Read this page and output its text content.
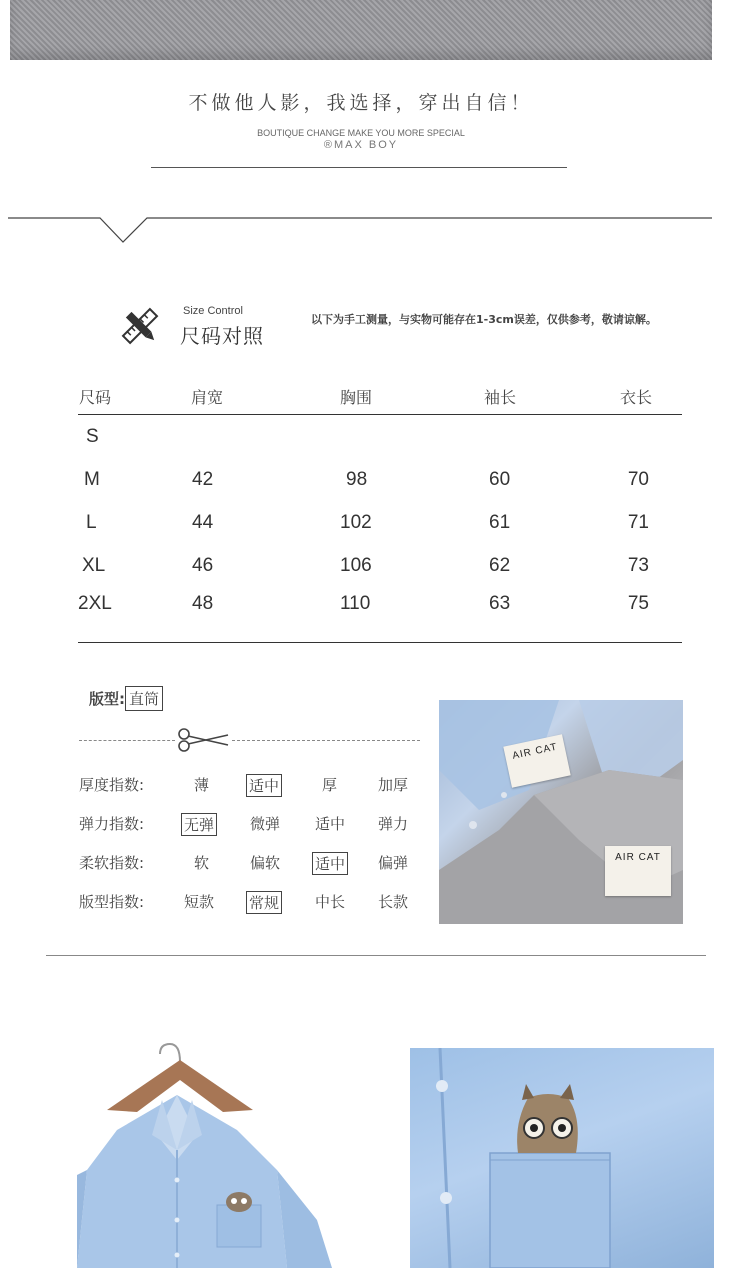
不做他人影，我选择，穿出自信！
BOUTIQUE CHANGE MAKE YOU MORE SPECIAL
®MAX BOY
Size Control
尺码对照
以下为手工测量，与实物可能存在1-3cm误差，仅供参考，敬请谅解。
尺码	肩宽	胸围	袖长	衣长
S				
M	42	98	60	70
L	44	102	61	71
XL	46	106	62	73
2XL	48	110	63	75
版型: 直筒
厚度指数:	薄	适中	厚	加厚
弹力指数:	无弹 微弹 适中 弹力
柔软指数:	软	偏软 适中 偏弹
版型指数:	短款 常规 中长 长款
AIR CAT
AIR CAT
